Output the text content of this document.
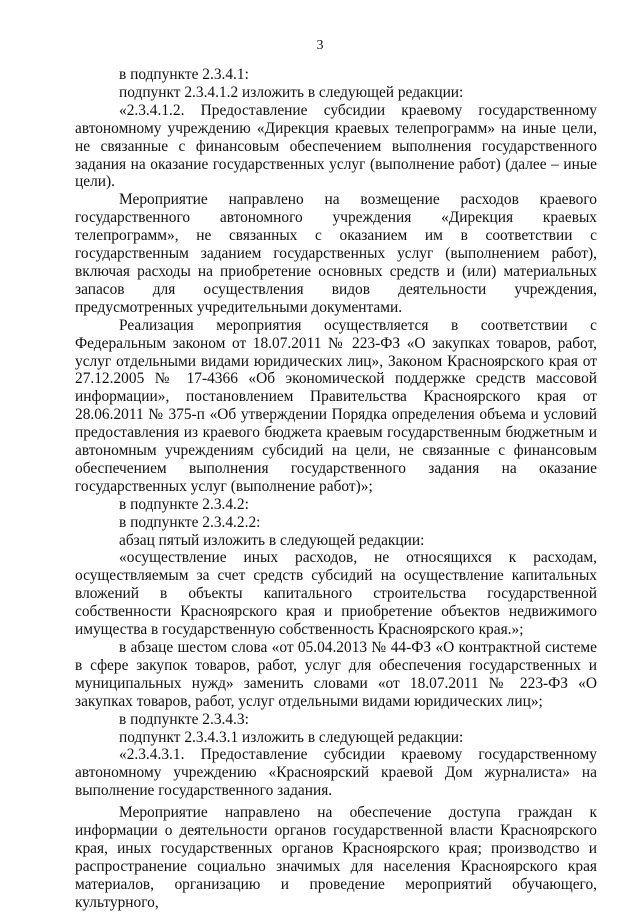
3

в подпункте 2.3.4.1:

подпункт 2.3.4.1.2 изложить в следующей редакции:

«2.3.4.1.2. Предоставление субсидии краевому государственному автономному учреждению «Дирекция краевых телепрограмм» на иные цели, не связанные с финансовым обеспечением выполнения государственного задания на оказание государственных услуг (выполнение работ) (далее – иные цели).

Мероприятие направлено на возмещение расходов краевого государственного автономного учреждения «Дирекция краевых телепрограмм», не связанных с оказанием им в соответствии с государственным заданием государственных услуг (выполнением работ), включая расходы на приобретение основных средств и (или) материальных запасов для осуществления видов деятельности учреждения, предусмотренных учредительными документами.

Реализация мероприятия осуществляется в соответствии с Федеральным законом от 18.07.2011 № 223-ФЗ «О закупках товаров, работ, услуг отдельными видами юридических лиц», Законом Красноярского края от 27.12.2005 № 17-4366 «Об экономической поддержке средств массовой информации», постановлением Правительства Красноярского края от 28.06.2011 № 375-п «Об утверждении Порядка определения объема и условий предоставления из краевого бюджета краевым государственным бюджетным и автономным учреждениям субсидий на цели, не связанные с финансовым обеспечением выполнения государственного задания на оказание государственных услуг (выполнение работ)»;

в подпункте 2.3.4.2:

в подпункте 2.3.4.2.2:

абзац пятый изложить в следующей редакции:

«осуществление иных расходов, не относящихся к расходам, осуществляемым за счет средств субсидий на осуществление капитальных вложений в объекты капитального строительства государственной собственности Красноярского края и приобретение объектов недвижимого имущества в государственную собственность Красноярского края.»;

в абзаце шестом слова «от 05.04.2013 № 44-ФЗ «О контрактной системе в сфере закупок товаров, работ, услуг для обеспечения государственных и муниципальных нужд» заменить словами «от 18.07.2011 № 223-ФЗ «О закупках товаров, работ, услуг отдельными видами юридических лиц»;

в подпункте 2.3.4.3:

подпункт 2.3.4.3.1 изложить в следующей редакции:

«2.3.4.3.1. Предоставление субсидии краевому государственному автономному учреждению «Красноярский краевой Дом журналиста» на выполнение государственного задания.

Мероприятие направлено на обеспечение доступа граждан к информации о деятельности органов государственной власти Красноярского края, иных государственных органов Красноярского края; производство и распространение социально значимых для населения Красноярского края материалов, организацию и проведение мероприятий обучающего, культурного,
